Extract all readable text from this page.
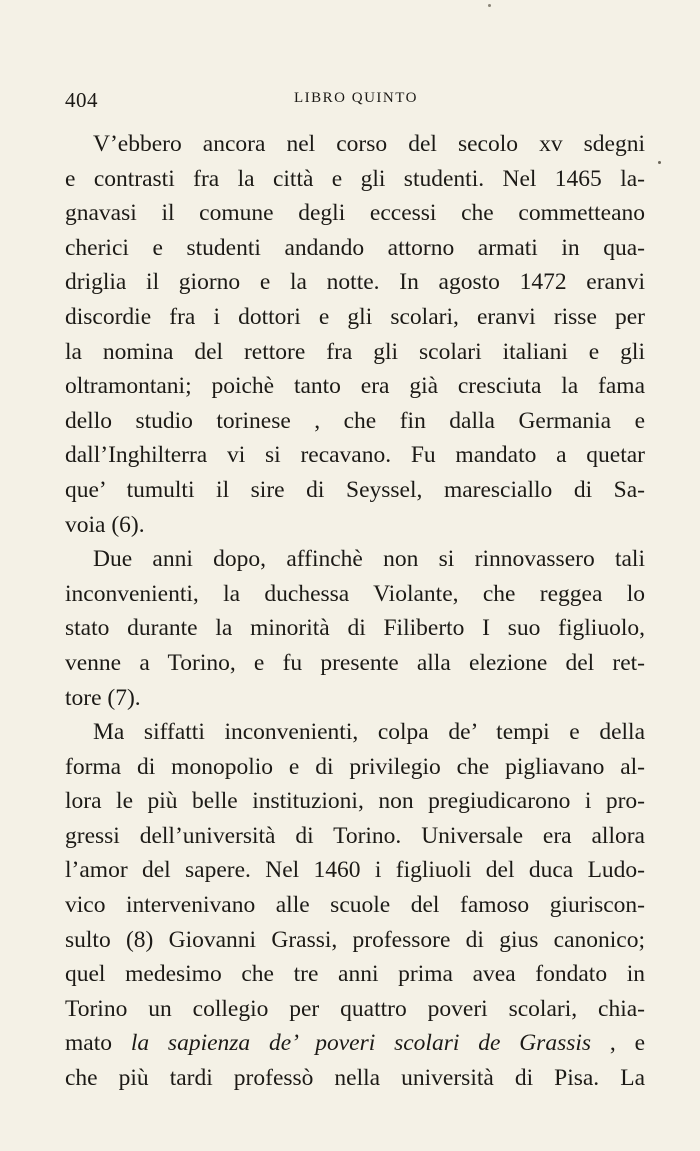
404	LIBRO QUINTO
V’ebbero ancora nel corso del secolo xv sdegni
e contrasti fra la città e gli studenti. Nel 1465 la-
gnavasi il comune degli eccessi che commetteano
cherici e studenti andando attorno armati in qua-
driglia il giorno e la notte. In agosto 1472 eranvi
discordie fra i dottori e gli scolari, eranvi risse per
la nomina del rettore fra gli scolari italiani e gli
oltramontani; poichè tanto era già cresciuta la fama
dello studio torinese , che fin dalla Germania e
dall’Inghilterra vi si recavano. Fu mandato a quetar
que’ tumulti il sire di Seyssel, maresciallo di Sa-
voia (6).
Due anni dopo, affinchè non si rinnovassero tali
inconvenienti, la duchessa Violante, che reggea lo
stato durante la minorità di Filiberto I suo figliuolo,
venne a Torino, e fu presente alla elezione del ret-
tore (7).
Ma siffatti inconvenienti, colpa de’ tempi e della
forma di monopolio e di privilegio che pigliavano al-
lora le più belle instituzioni, non pregiudicarono i pro-
gressi dell’università di Torino. Universale era allora
l’amor del sapere. Nel 1460 i figliuoli del duca Ludo-
vico intervenivano alle scuole del famoso giuriscon-
sulto (8) Giovanni Grassi, professore di gius canonico;
quel medesimo che tre anni prima avea fondato in
Torino un collegio per quattro poveri scolari, chia-
mato la sapienza de’ poveri scolari de Grassis , e
che più tardi professò nella università di Pisa. La
